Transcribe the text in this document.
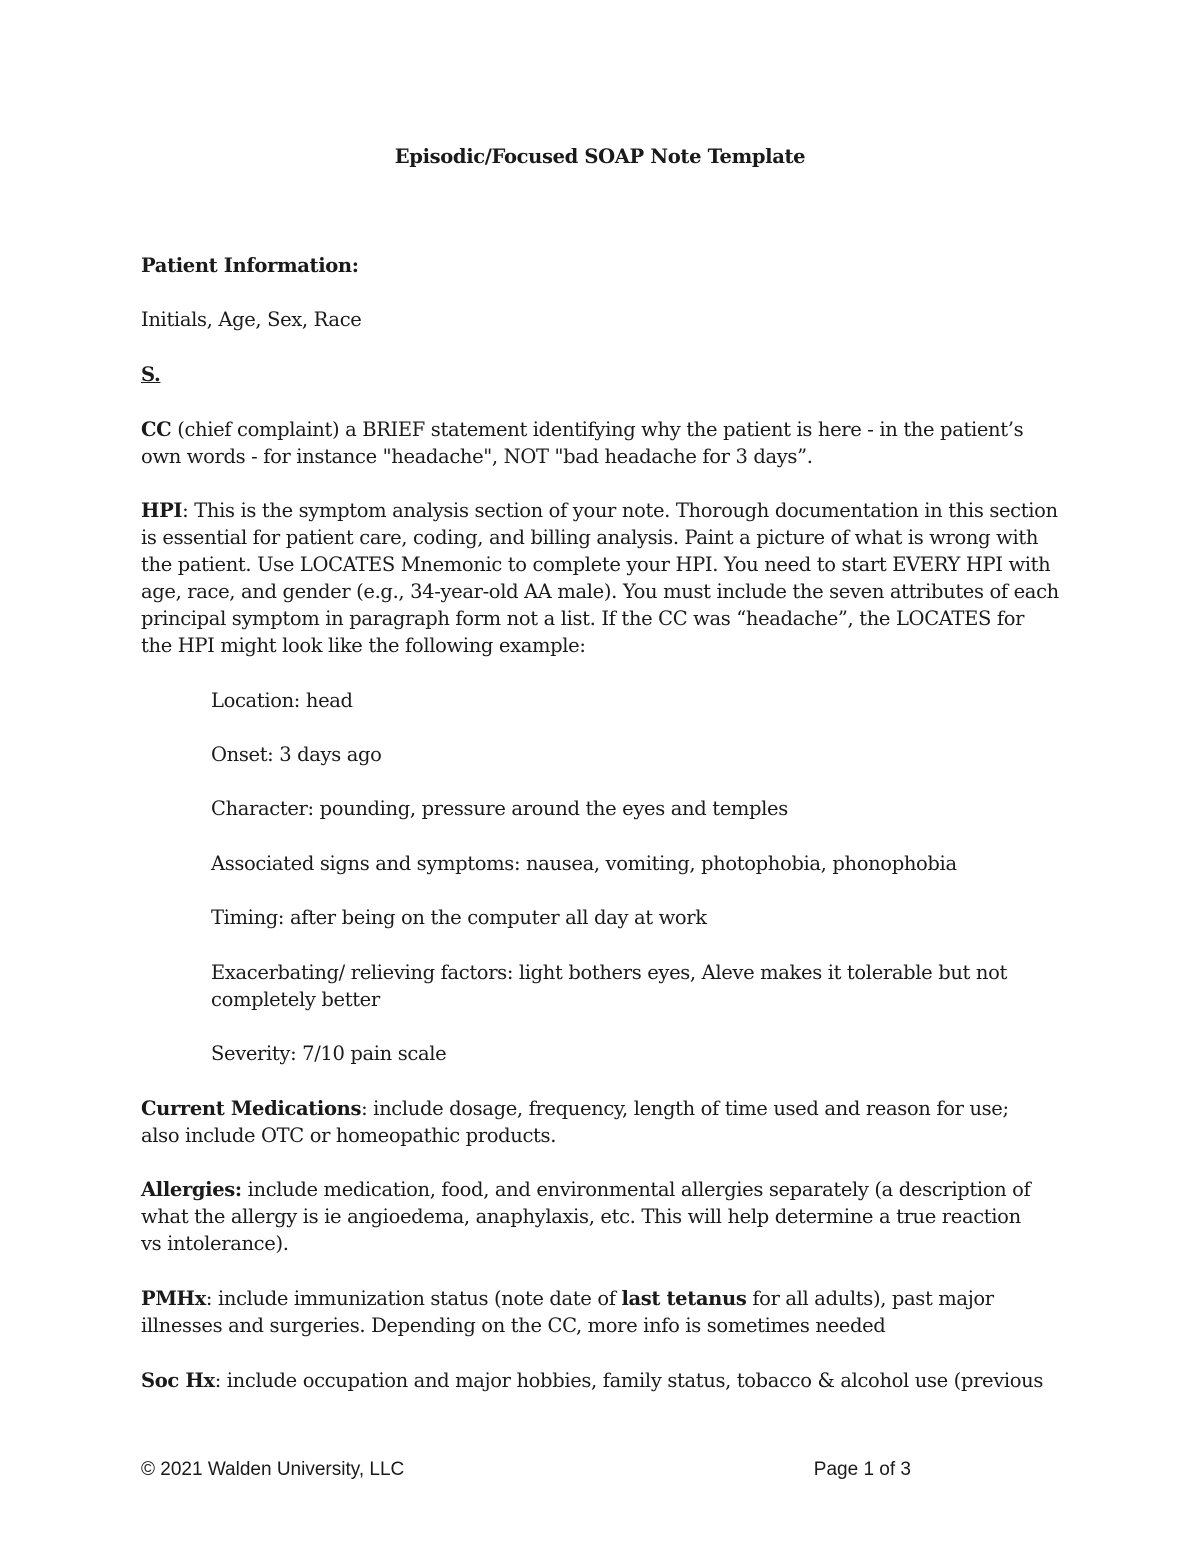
Episodic/Focused SOAP Note Template

Patient Information:

Initials, Age, Sex, Race

S.

CC (chief complaint) a BRIEF statement identifying why the patient is here - in the patient’s own words - for instance "headache", NOT "bad headache for 3 days”.

HPI: This is the symptom analysis section of your note. Thorough documentation in this section is essential for patient care, coding, and billing analysis. Paint a picture of what is wrong with the patient. Use LOCATES Mnemonic to complete your HPI. You need to start EVERY HPI with age, race, and gender (e.g., 34-year-old AA male). You must include the seven attributes of each principal symptom in paragraph form not a list. If the CC was “headache”, the LOCATES for the HPI might look like the following example:

Location: head

Onset: 3 days ago

Character: pounding, pressure around the eyes and temples

Associated signs and symptoms: nausea, vomiting, photophobia, phonophobia

Timing: after being on the computer all day at work

Exacerbating/ relieving factors: light bothers eyes, Aleve makes it tolerable but not completely better

Severity: 7/10 pain scale

Current Medications: include dosage, frequency, length of time used and reason for use; also include OTC or homeopathic products.

Allergies: include medication, food, and environmental allergies separately (a description of what the allergy is ie angioedema, anaphylaxis, etc. This will help determine a true reaction vs intolerance).

PMHx: include immunization status (note date of last tetanus for all adults), past major illnesses and surgeries. Depending on the CC, more info is sometimes needed

Soc Hx: include occupation and major hobbies, family status, tobacco & alcohol use (previous

© 2021 Walden University, LLC	Page 1 of 3
